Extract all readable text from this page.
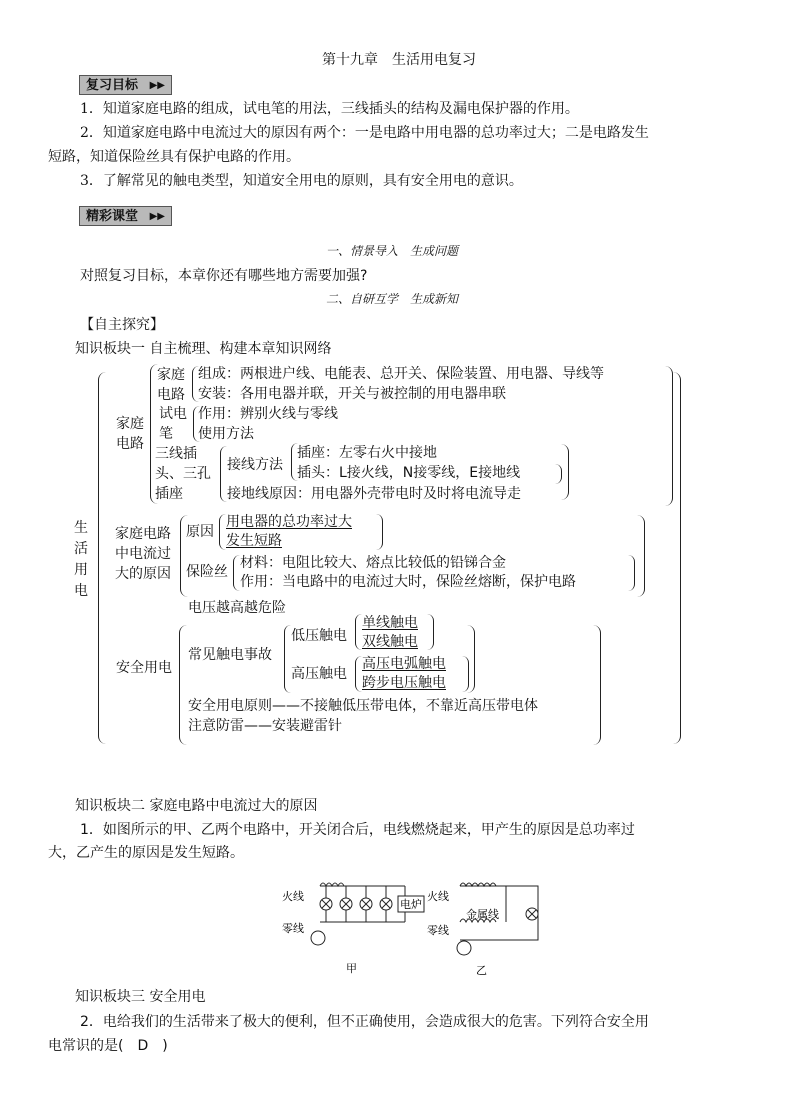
第十九章　生活用电复习
复习目标 ▶▶
1．知道家庭电路的组成，试电笔的用法，三线插头的结构及漏电保护器的作用。
2．知道家庭电路中电流过大的原因有两个：一是电路中用电器的总功率过大；二是电路发生
短路，知道保险丝具有保护电路的作用。
3．了解常见的触电类型，知道安全用电的原则，具有安全用电的意识。
精彩课堂 ▶▶
一、情景导入　生成问题
对照复习目标，本章你还有哪些地方需要加强?
二、自研互学　生成新知
【自主探究】
知识板块一 自主梳理、构建本章知识网络
生
活
用
电
家庭
电路
家庭
电路
组成：两根进户线、电能表、总开关、保险装置、用电器、导线等
安装：各用电器并联，开关与被控制的用电器串联
试电
笔
作用：辨别火线与零线
使用方法
三线插
头、三孔
插座
接线方法
插座：左零右火中接地
插头：L接火线，N接零线，E接地线
接地线原因：用电器外壳带电时及时将电流导走
家庭电路
中电流过
大的原因
原因
用电器的总功率过大
发生短路
保险丝
材料：电阻比较大、熔点比较低的铅锑合金
作用：当电路中的电流过大时，保险丝熔断，保护电路
电压越高越危险
安全用电
常见触电事故
低压触电
单线触电
双线触电
高压触电
高压电弧触电
跨步电压触电
安全用电原则——不接触低压带电体，不靠近高压带电体
注意防雷——安装避雷针
知识板块二 家庭电路中电流过大的原因
1．如图所示的甲、乙两个电路中，开关闭合后，电线燃烧起来，甲产生的原因是总功率过
大，乙产生的原因是发生短路。
火线
零线
电炉
甲
火线
零线
金属线
乙
知识板块三 安全用电
2．电给我们的生活带来了极大的便利，但不正确使用，会造成很大的危害。下列符合安全用
电常识的是(　D　)
